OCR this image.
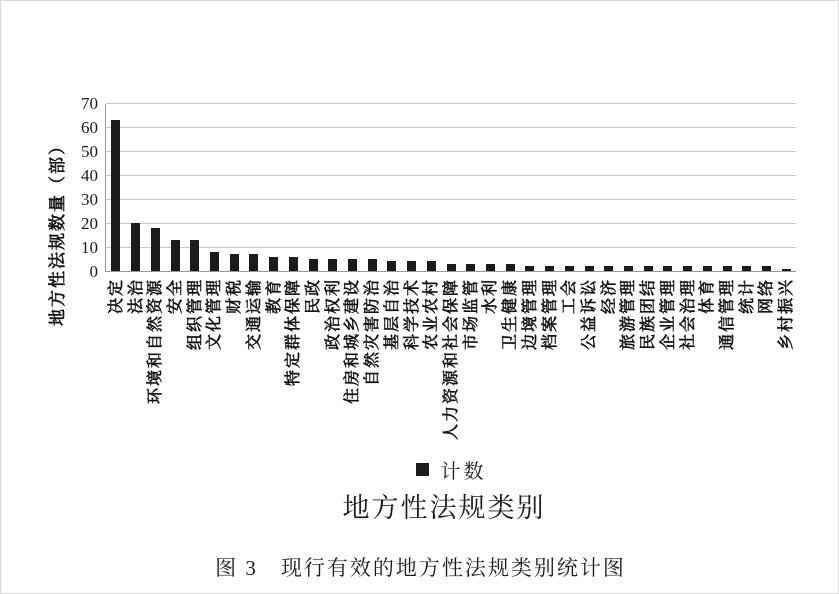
地方性法规数量（部） 决定 法治 环境和自然资源 安全 组织管理 文化管理 财税 交通运输 教育 特定群体保障 民政 政治权利 住房和城乡建设 自然灾害防治 基层自治 科学技术 农业农村 人力资源和社会保障 市场监管 水利 卫生健康 边境管理 档案管理 工会 公益诉讼 经济 旅游管理 民族团结 企业管理 社会治理 体育 通信管理 统计 网络 乡村振兴
计数
地方性法规类别
图 3　现行有效的地方性法规类别统计图
0
10
20
30
40
50
60
70
